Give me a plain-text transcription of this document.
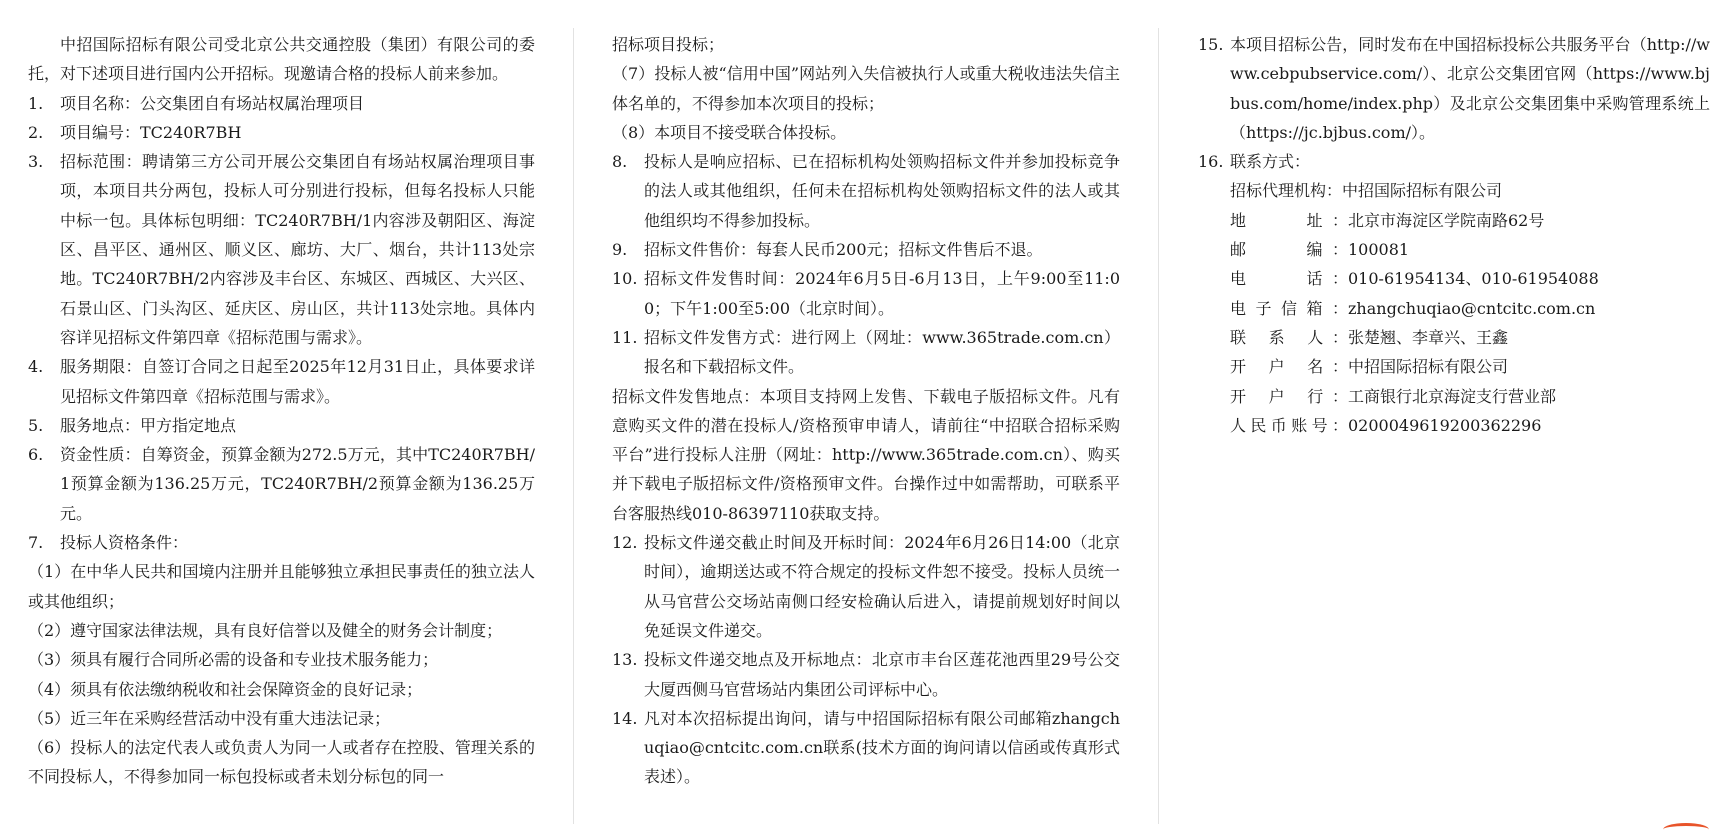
中招国际招标有限公司受北京公共交通控股（集团）有限公司的委托，对下述项目进行国内公开招标。现邀请合格的投标人前来参加。

1.	项目名称：公交集团自有场站权属治理项目
2.	项目编号：TC240R7BH
3.	招标范围：聘请第三方公司开展公交集团自有场站权属治理项目事项，本项目共分两包，投标人可分别进行投标，但每名投标人只能中标一包。具体标包明细：TC240R7BH/1内容涉及朝阳区、海淀区、昌平区、通州区、顺义区、廊坊、大厂、烟台，共计113处宗地。TC240R7BH/2内容涉及丰台区、东城区、西城区、大兴区、石景山区、门头沟区、延庆区、房山区，共计113处宗地。具体内容详见招标文件第四章《招标范围与需求》。
4.	服务期限：自签订合同之日起至2025年12月31日止，具体要求详见招标文件第四章《招标范围与需求》。
5.	服务地点：甲方指定地点
6.	资金性质：自筹资金，预算金额为272.5万元，其中TC240R7BH/1预算金额为136.25万元，TC240R7BH/2预算金额为136.25万元。
7.	投标人资格条件：

（1）在中华人民共和国境内注册并且能够独立承担民事责任的独立法人或其他组织；

（2）遵守国家法律法规，具有良好信誉以及健全的财务会计制度；

（3）须具有履行合同所必需的设备和专业技术服务能力；

（4）须具有依法缴纳税收和社会保障资金的良好记录；

（5）近三年在采购经营活动中没有重大违法记录；

（6）投标人的法定代表人或负责人为同一人或者存在控股、管理关系的不同投标人，不得参加同一标包投标或者未划分标包的同一

招标项目投标；

（7）投标人被“信用中国”网站列入失信被执行人或重大税收违法失信主体名单的，不得参加本次项目的投标；

（8）本项目不接受联合体投标。

8.	投标人是响应招标、已在招标机构处领购招标文件并参加投标竞争的法人或其他组织，任何未在招标机构处领购招标文件的法人或其他组织均不得参加投标。
9.	招标文件售价：每套人民币200元；招标文件售后不退。
10. 招标文件发售时间：2024年6月5日-6月13日，上午9:00至11:00；下午1:00至5:00（北京时间）。
11. 招标文件发售方式：进行网上（网址：www.365trade.com.cn）报名和下载招标文件。

招标文件发售地点：本项目支持网上发售、下载电子版招标文件。凡有意购买文件的潜在投标人/资格预审申请人，请前往“中招联合招标采购平台”进行投标人注册（网址：http://www.365trade.com.cn）、购买并下载电子版招标文件/资格预审文件。台操作过中如需帮助，可联系平台客服热线010-86397110获取支持。

12. 投标文件递交截止时间及开标时间：2024年6月26日14:00（北京时间），逾期送达或不符合规定的投标文件恕不接受。投标人员统一从马官营公交场站南侧口经安检确认后进入，请提前规划好时间以免延误文件递交。
13. 投标文件递交地点及开标地点：北京市丰台区莲花池西里29号公交大厦西侧马官营场站内集团公司评标中心。
14. 凡对本次招标提出询问，请与中招国际招标有限公司邮箱zhangchuqiao@cntcitc.com.cn联系(技术方面的询问请以信函或传真形式表述）。
15. 本项目招标公告，同时发布在中国招标投标公共服务平台（http://www.cebpubservice.com/）、北京公交集团官网（https://www.bjbus.com/home/index.php）及北京公交集团集中采购管理系统上（https://jc.bjbus.com/）。
16. 联系方式：
招标代理机构： 中招国际招标有限公司
地　　址： 北京市海淀区学院南路62号
邮　　编： 100081
电　　话： 010-61954134、010-61954088
电子信箱： zhangchuqiao@cntcitc.com.cn
联 系 人： 张楚翘、李章兴、王鑫
开 户 名： 中招国际招标有限公司
开 户 行： 工商银行北京海淀支行营业部
人民币账号： 0200049619200362296
